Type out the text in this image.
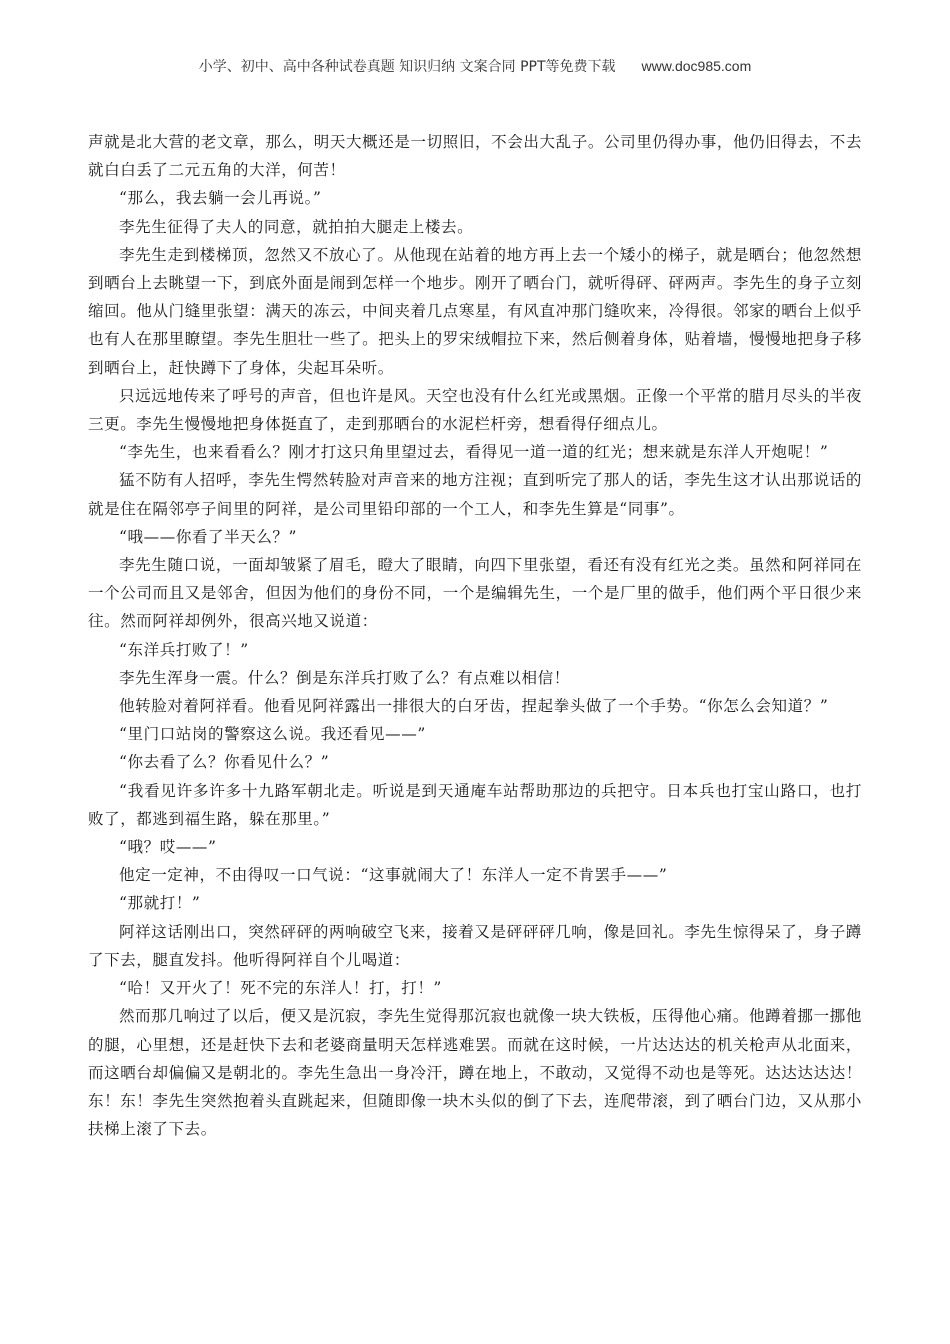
小学、初中、高中各种试卷真题 知识归纳 文案合同 PPT等免费下载 www.doc985.com

声就是北大营的老文章，那么，明天大概还是一切照旧，不会出大乱子。公司里仍得办事，他仍旧得去，不去就白白丢了二元五角的大洋，何苦！

“那么，我去躺一会儿再说。”

李先生征得了夫人的同意，就拍拍大腿走上楼去。

李先生走到楼梯顶，忽然又不放心了。从他现在站着的地方再上去一个矮小的梯子，就是晒台；他忽然想到晒台上去眺望一下，到底外面是闹到怎样一个地步。刚开了晒台门，就听得砰、砰两声。李先生的身子立刻缩回。他从门缝里张望：满天的冻云，中间夹着几点寒星，有风直冲那门缝吹来，冷得很。邻家的晒台上似乎也有人在那里瞭望。李先生胆壮一些了。把头上的罗宋绒帽拉下来，然后侧着身体，贴着墙，慢慢地把身子移到晒台上，赶快蹲下了身体，尖起耳朵听。

只远远地传来了呼号的声音，但也许是风。天空也没有什么红光或黑烟。正像一个平常的腊月尽头的半夜三更。李先生慢慢地把身体挺直了，走到那晒台的水泥栏杆旁，想看得仔细点儿。

“李先生，也来看看么？刚才打这只角里望过去，看得见一道一道的红光；想来就是东洋人开炮呢！”

猛不防有人招呼，李先生愕然转脸对声音来的地方注视；直到听完了那人的话，李先生这才认出那说话的就是住在隔邻亭子间里的阿祥，是公司里铅印部的一个工人，和李先生算是“同事”。

“哦——你看了半天么？”

李先生随口说，一面却皱紧了眉毛，瞪大了眼睛，向四下里张望，看还有没有红光之类。虽然和阿祥同在一个公司而且又是邻舍，但因为他们的身份不同，一个是编辑先生，一个是厂里的做手，他们两个平日很少来往。然而阿祥却例外，很高兴地又说道：

“东洋兵打败了！”

李先生浑身一震。什么？倒是东洋兵打败了么？有点难以相信！

他转脸对着阿祥看。他看见阿祥露出一排很大的白牙齿，捏起拳头做了一个手势。“你怎么会知道？”

“里门口站岗的警察这么说。我还看见——”

“你去看了么？你看见什么？”

“我看见许多许多十九路军朝北走。听说是到天通庵车站帮助那边的兵把守。日本兵也打宝山路口，也打败了，都逃到福生路，躲在那里。”

“哦？哎——”

他定一定神，不由得叹一口气说：“这事就闹大了！东洋人一定不肯罢手——”

“那就打！”

阿祥这话刚出口，突然砰砰的两响破空飞来，接着又是砰砰砰几响，像是回礼。李先生惊得呆了，身子蹲了下去，腿直发抖。他听得阿祥自个儿喝道：

“哈！又开火了！死不完的东洋人！打，打！”

然而那几响过了以后，便又是沉寂，李先生觉得那沉寂也就像一块大铁板，压得他心痛。他蹲着挪一挪他的腿，心里想，还是赶快下去和老婆商量明天怎样逃难罢。而就在这时候，一片达达达的机关枪声从北面来，而这晒台却偏偏又是朝北的。李先生急出一身冷汗，蹲在地上，不敢动，又觉得不动也是等死。达达达达达！东！东！李先生突然抱着头直跳起来，但随即像一块木头似的倒了下去，连爬带滚，到了晒台门边，又从那小扶梯上滚了下去。
